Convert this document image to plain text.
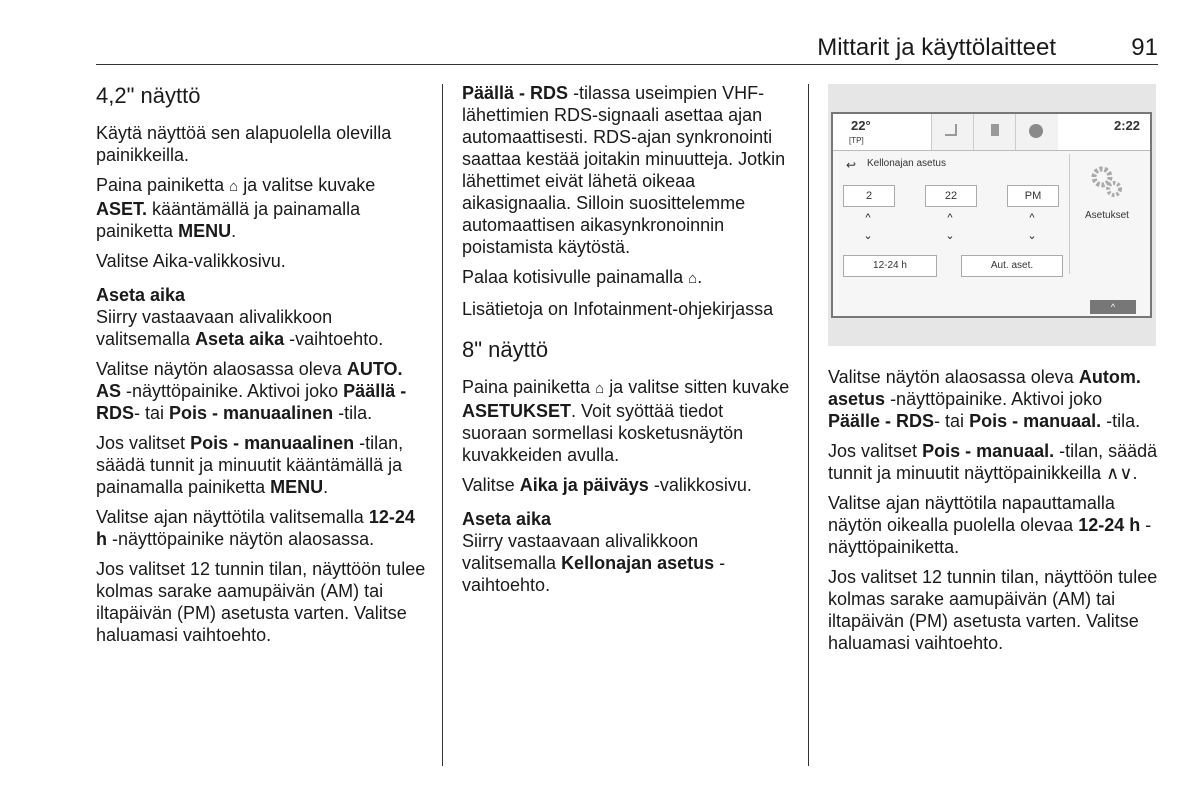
Mittarit ja käyttölaitteet	91
4,2" näyttö

Käytä näyttöä sen alapuolella olevilla painikkeilla.

Paina painiketta ⌂ ja valitse kuvake ASET. kääntämällä ja painamalla painiketta MENU.

Valitse Aika-valikkosivu.

Aseta aika

Siirry vastaavaan alivalikkoon valitsemalla Aseta aika -vaihtoehto.

Valitse näytön alaosassa oleva AUTO. AS -näyttöpainike. Aktivoi joko Päällä - RDS- tai Pois - manuaalinen -tila.

Jos valitset Pois - manuaalinen -tilan, säädä tunnit ja minuutit kääntämällä ja painamalla painiketta MENU.

Valitse ajan näyttötila valitsemalla 12-24 h -näyttöpainike näytön alaosassa.

Jos valitset 12 tunnin tilan, näyttöön tulee kolmas sarake aamupäivän (AM) tai iltapäivän (PM) asetusta varten. Valitse haluamasi vaihtoehto.

Päällä - RDS -tilassa useimpien VHF-lähettimien RDS-signaali asettaa ajan automaattisesti. RDS-ajan synkronointi saattaa kestää joitakin minuutteja. Jotkin lähettimet eivät lähetä oikeaa aikasignaalia. Silloin suosittelemme automaattisen aikasynkronoinnin poistamista käytöstä.

Palaa kotisivulle painamalla ⌂.

Lisätietoja on Infotainment-ohjekirjassa

8" näyttö

Paina painiketta ⌂ ja valitse sitten kuvake ASETUKSET. Voit syöttää tiedot suoraan sormellasi kosketusnäytön kuvakkeiden avulla.

Valitse Aika ja päiväys -valikkosivu.

Aseta aika

Siirry vastaavaan alivalikkoon valitsemalla Kellonajan asetus -vaihtoehto.

22°
[TP]
2:22
↩	Kellonajan asetus
2	22	PM
^
⌄
^
⌄
^
⌄
12-24 h	Aut. aset.
Asetukset
^

Valitse näytön alaosassa oleva Autom. asetus -näyttöpainike. Aktivoi joko Päälle - RDS- tai Pois - manuaal. -tila.

Jos valitset Pois - manuaal. -tilan, säädä tunnit ja minuutit näyttöpainikkeilla ∧∨.

Valitse ajan näyttötila napauttamalla näytön oikealla puolella olevaa 12-24 h -näyttöpainiketta.

Jos valitset 12 tunnin tilan, näyttöön tulee kolmas sarake aamupäivän (AM) tai iltapäivän (PM) asetusta varten. Valitse haluamasi vaihtoehto.
